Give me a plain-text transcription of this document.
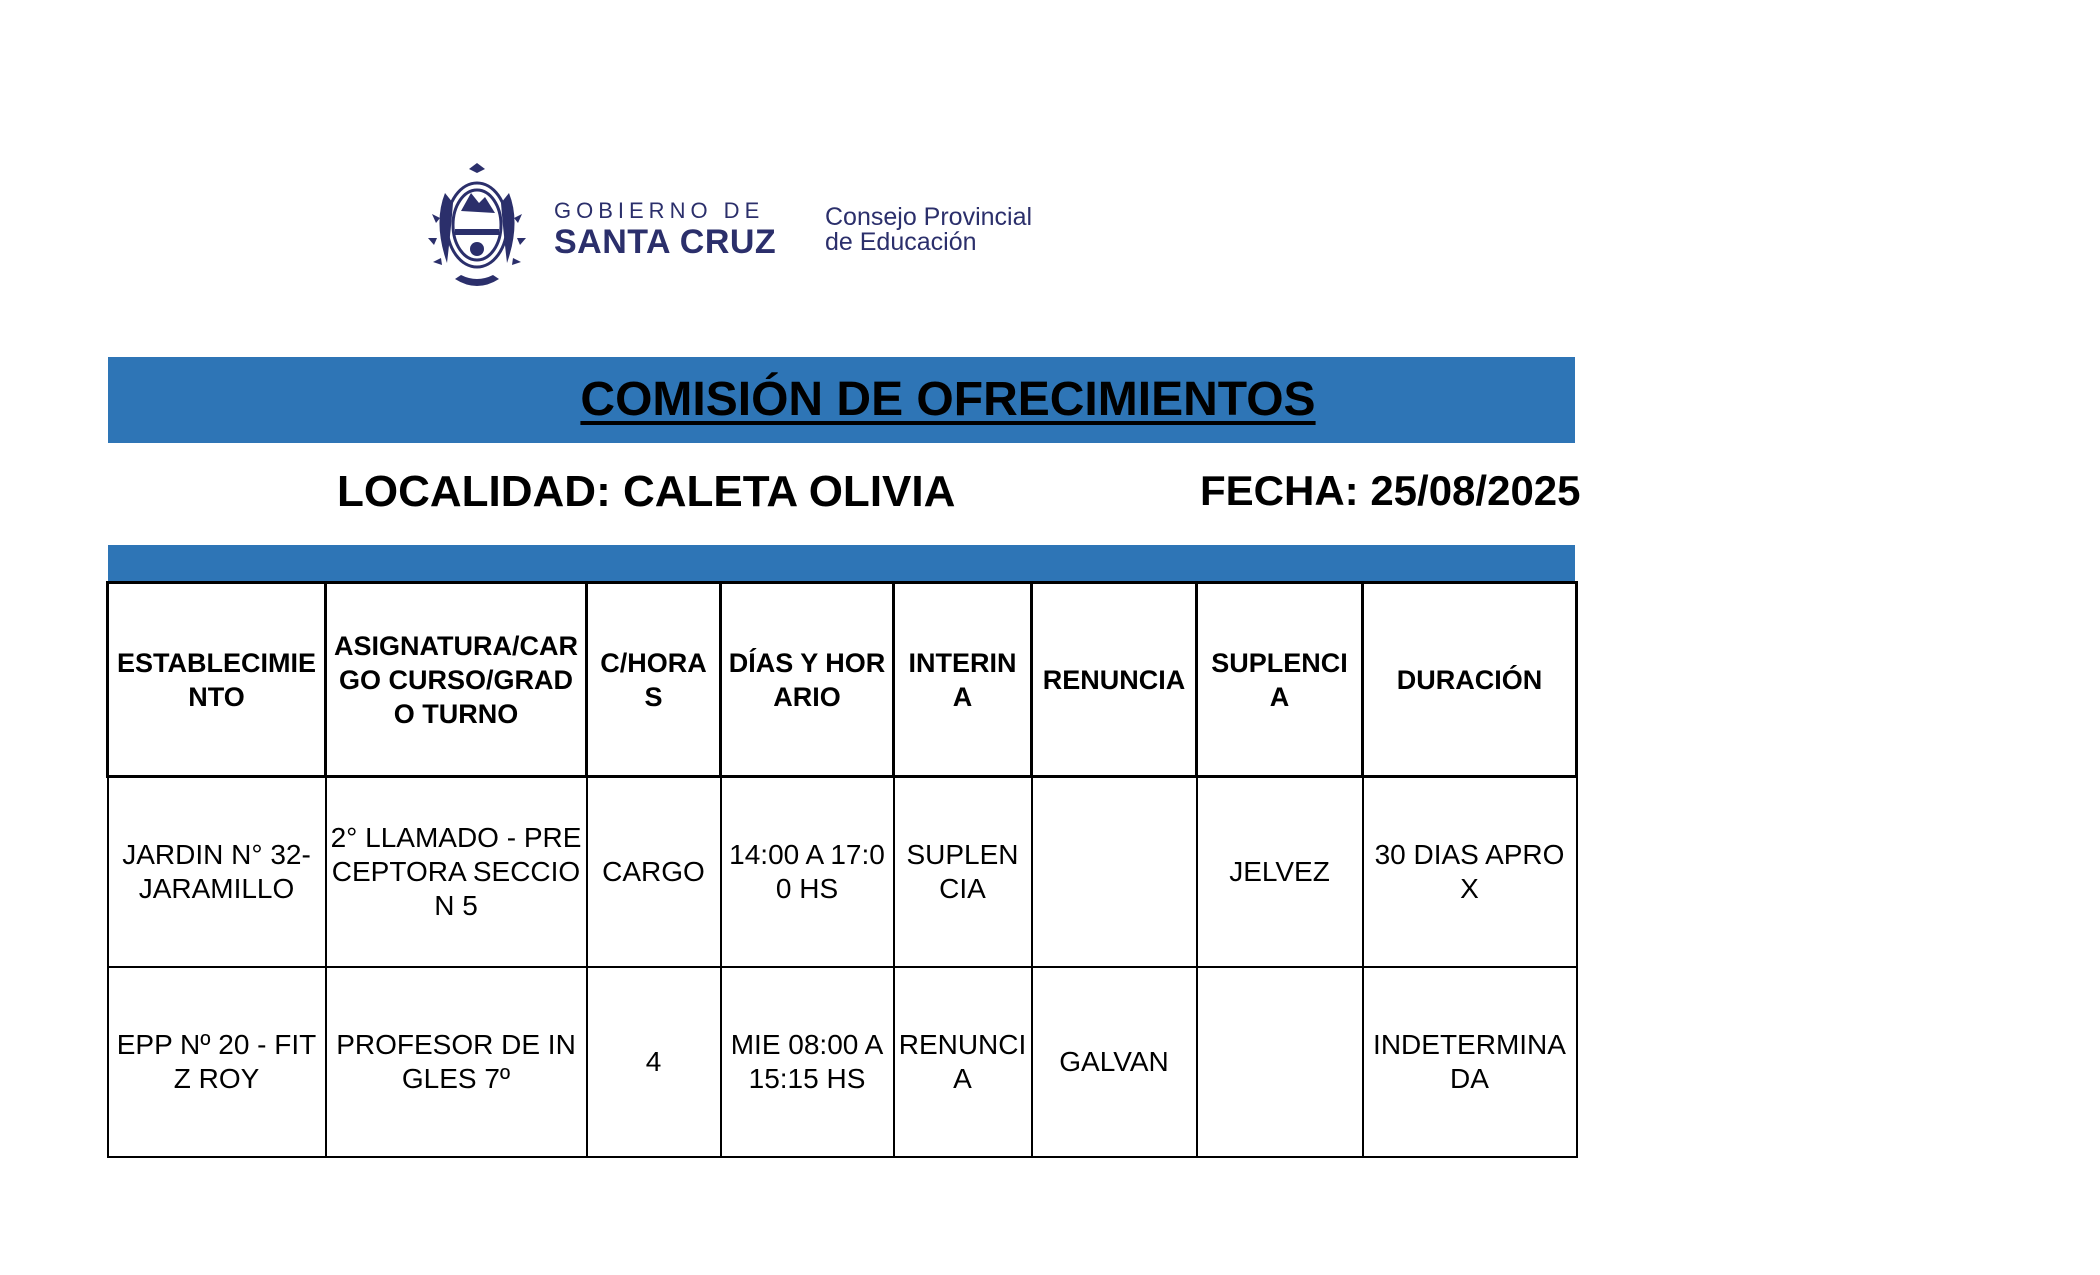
GOBIERNO DE
SANTA CRUZ
Consejo Provincial
de Educación
COMISIÓN DE OFRECIMIENTOS
LOCALIDAD: CALETA OLIVIA	FECHA: 25/08/2025
ESTABLECIMIENTO	ASIGNATURA/CARGO CURSO/GRADO TURNO	C/HORAS	DÍAS Y HORARIO	INTERINA	RENUNCIA	SUPLENCIA	DURACIÓN
JARDIN N° 32- JARAMILLO	2° LLAMADO - PRECEPTORA SECCION 5	CARGO	14:00 A 17:00 HS	SUPLENCIA		JELVEZ	30 DIAS APROX
EPP Nº 20 - FITZ ROY	PROFESOR DE INGLES 7º	4	MIE 08:00 A 15:15 HS	RENUNCIA	GALVAN		INDETERMINADA
